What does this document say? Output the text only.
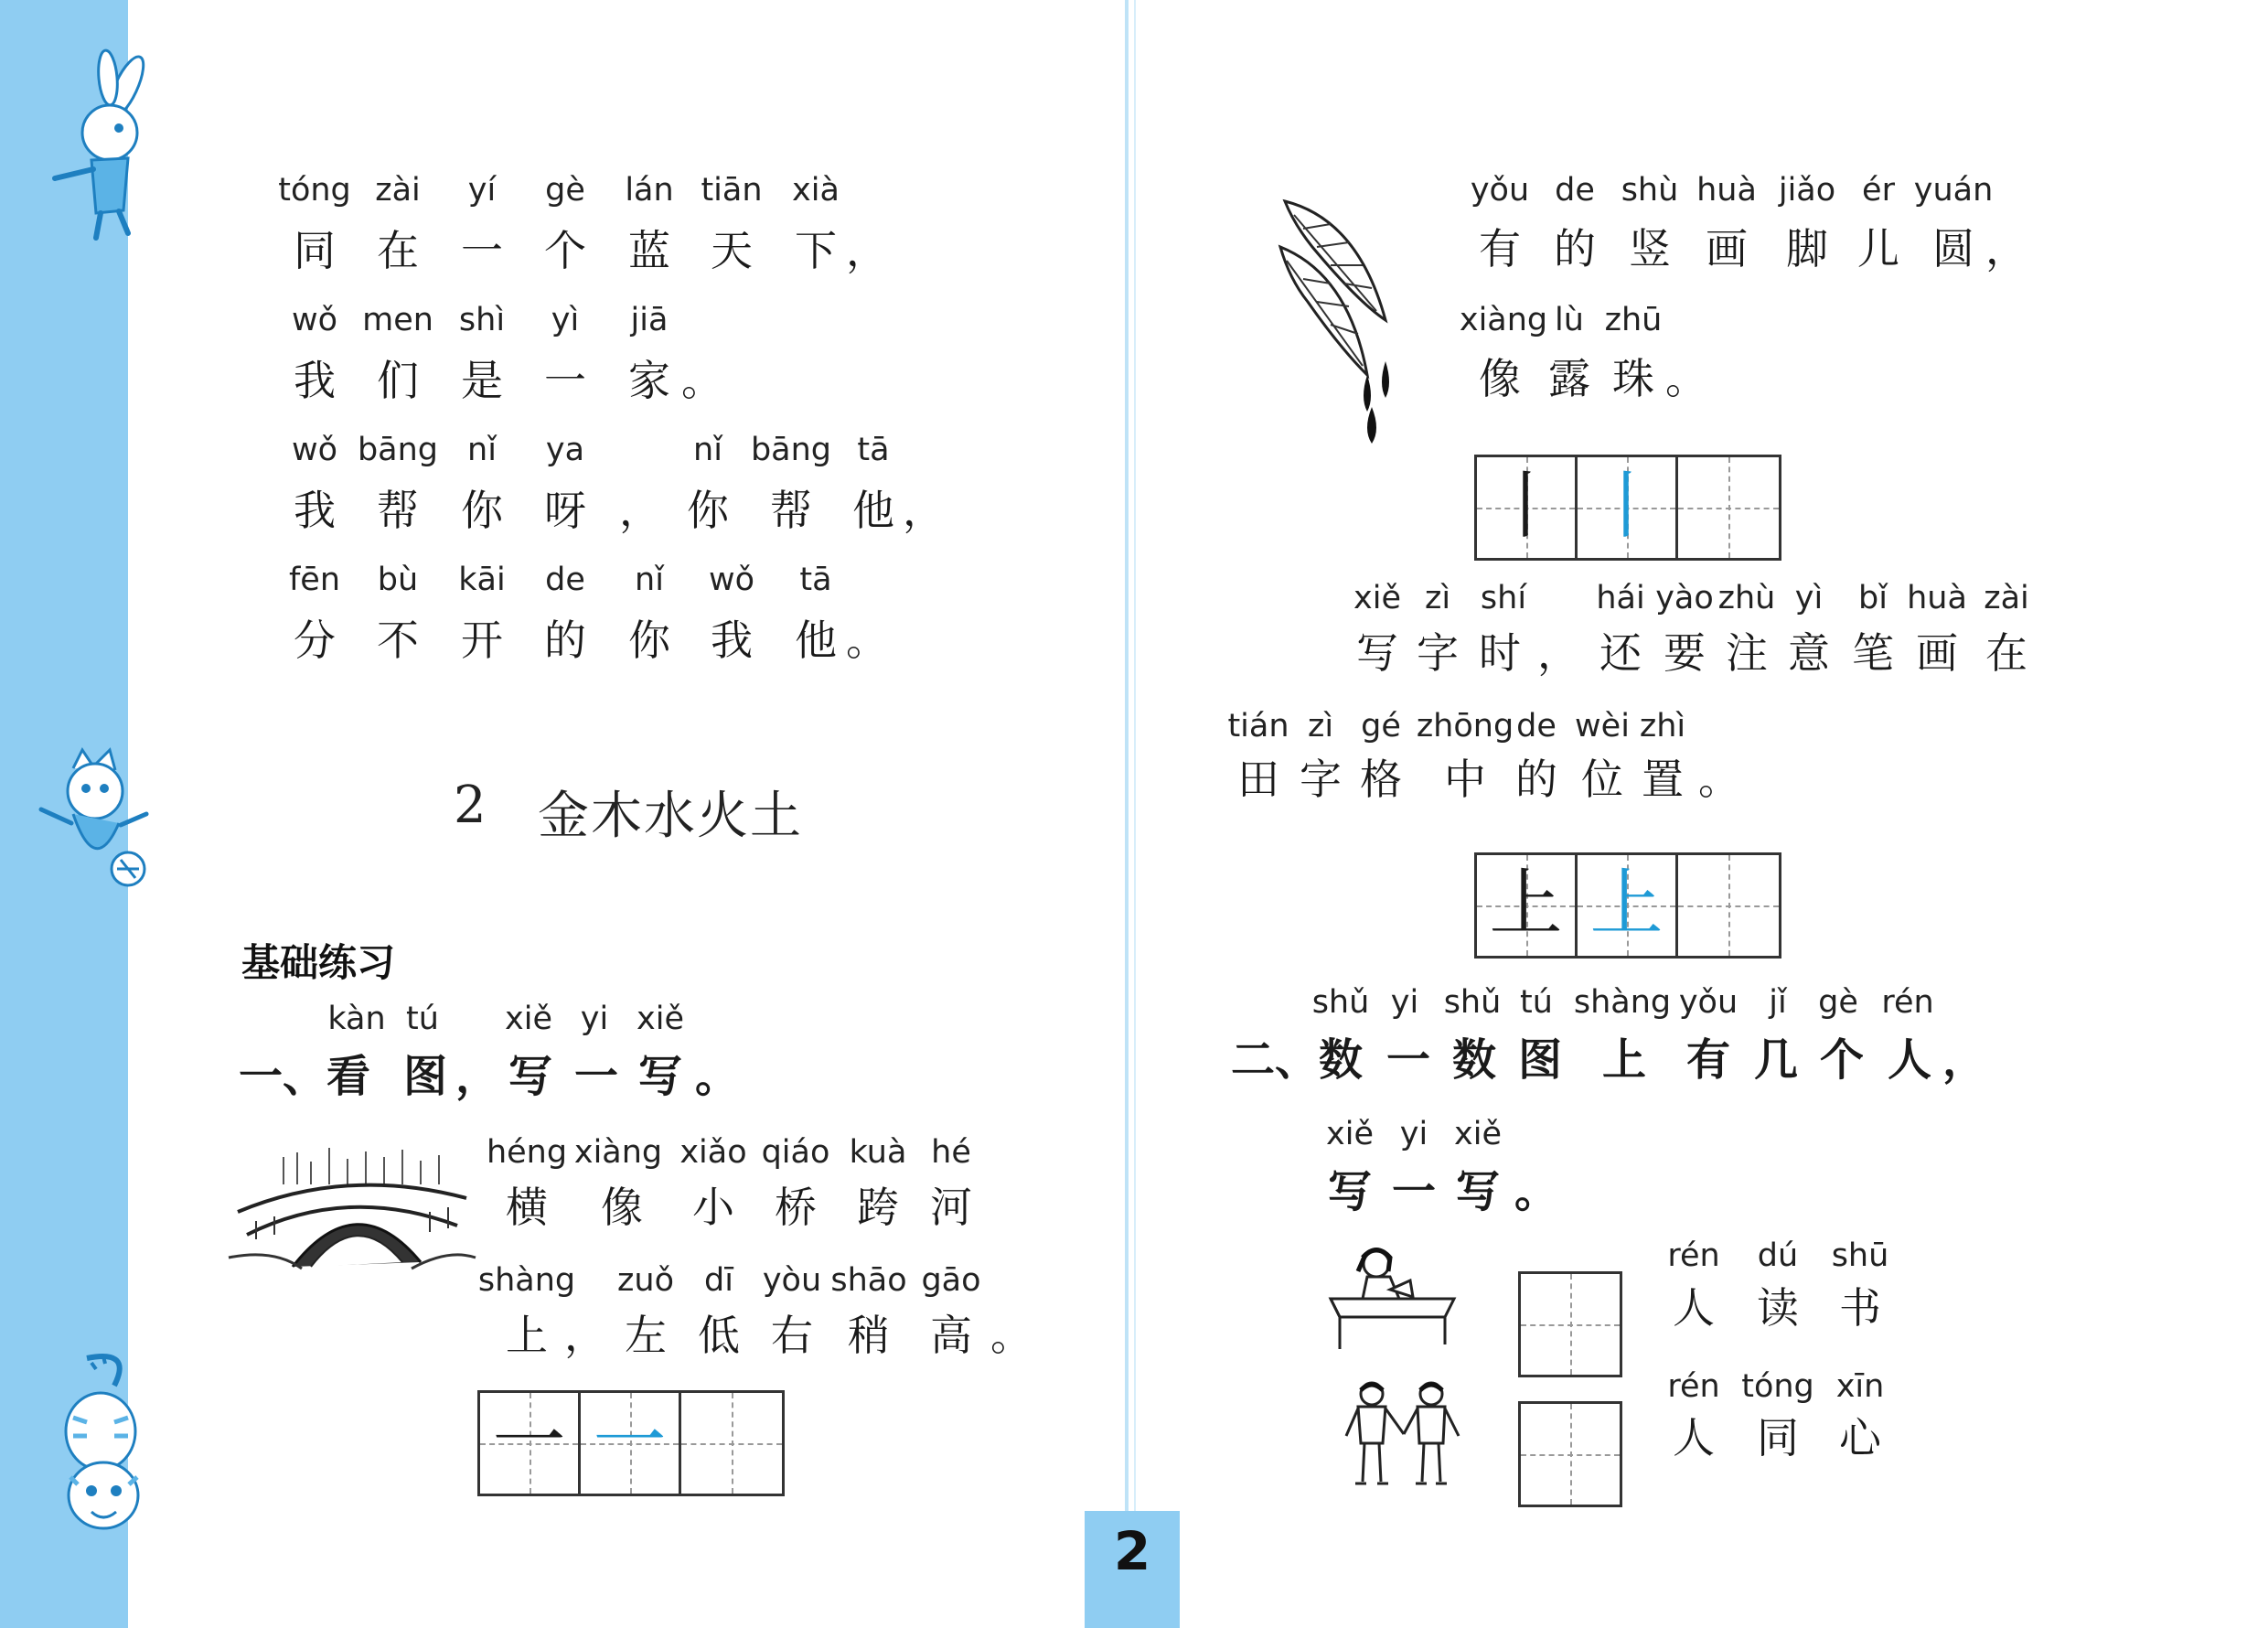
tóng zài yí gè lán tiān xià
同 在 一 个 蓝 天 下 ，
wǒ men shì yì jiā
我 们 是 一 家 。
wǒ bāng nǐ ya	nǐ bāng tā
我 帮 你 呀 ， 你 帮 他 ，
fēn bù kāi de nǐ wǒ tā
分 不 开 的 你 我 他 。
2 金木水火土
基础练习
kàn tú xiě yi xiě
一、看 图 ， 写 一 写 。
héng xiàng xiǎo qiáo kuà hé
横 像 小 桥 跨 河
shàng zuǒ dī yòu shāo gāo
上 ， 左 低 右 稍 高 。
一 一
yǒu de shù huà jiǎo ér yuán
有 的 竖 画 脚 儿 圆 ，
xiàng lù zhū
像 露 珠 。
丨 丨
xiě zì shí hái yào zhù yì bǐ huà zài
写 字 时 ， 还 要 注 意 笔 画 在
tián zì gé zhōng de wèi zhì
田 字 格 中 的 位 置 。
上 上
shǔ yi shǔ tú shàng yǒu jǐ gè rén
二、数 一 数 图 上 有 几 个 人 ，
xiě yi xiě
写 一 写 。
rén dú shū
人 读 书
rén tóng xīn
人 同 心
2
